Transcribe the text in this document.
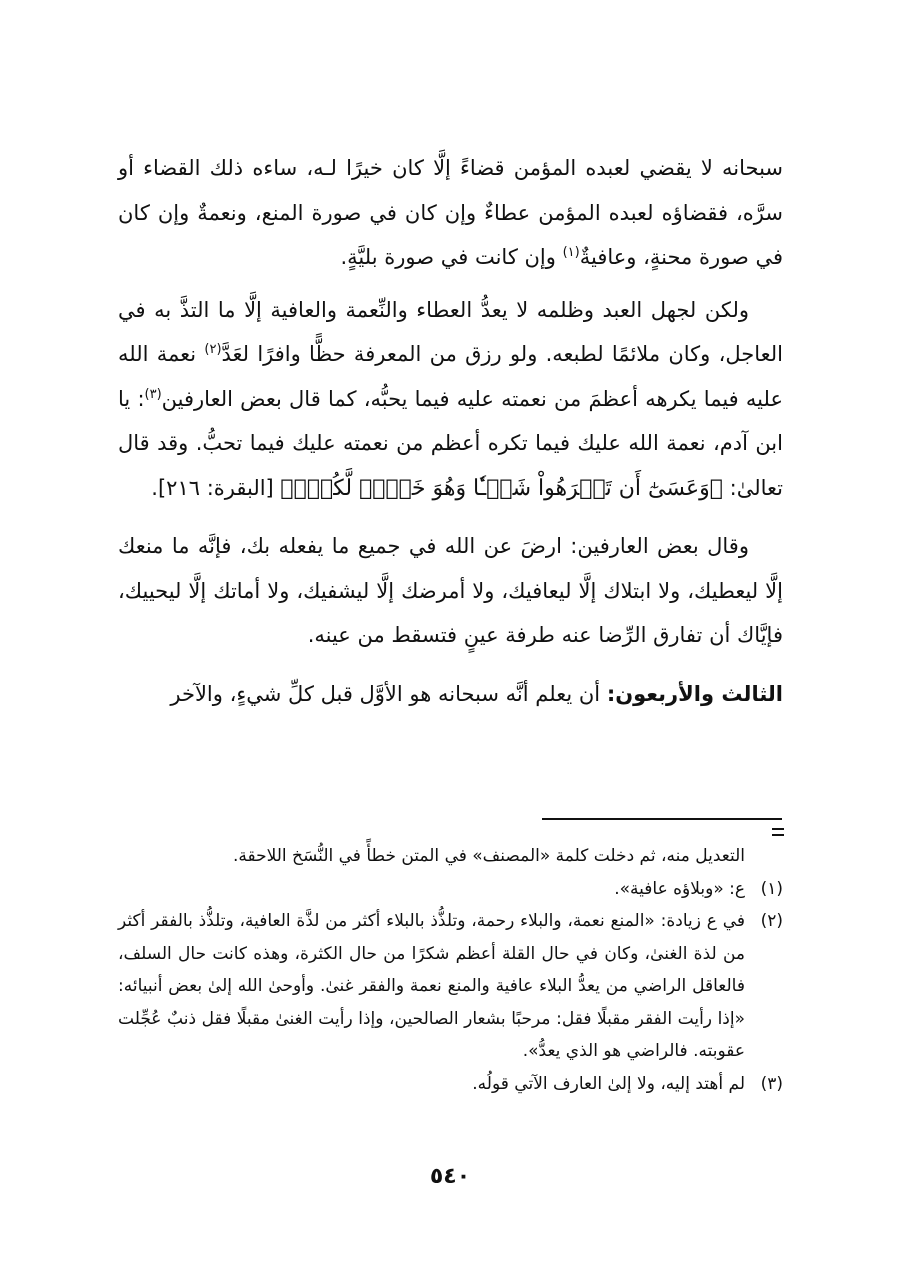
سبحانه لا يقضي لعبده المؤمن قضاءً إلَّا كان خيرًا لـه، ساءه ذلك القضاء أو سرَّه، فقضاؤه لعبده المؤمن عطاءٌ وإن كان في صورة المنع، ونعمةٌ وإن كان في صورة محنةٍ، وعافيةٌ$^{(١)}$ وإن كانت في صورة بليَّةٍ.

ولكن لجهل العبد وظلمه لا يعدُّ العطاء والنِّعمة والعافية إلَّا ما التذَّ به في العاجل، وكان ملائمًا لطبعه. ولو رزق من المعرفة حظًّا وافرًا لعَدَّ$^{(٢)}$ نعمة الله عليه فيما يكرهه أعظمَ من نعمته عليه فيما يحبُّه، كما قال بعض العارفين$^{(٣)}$: يا ابن آدم، نعمة الله عليك فيما تكره أعظم من نعمته عليك فيما تحبُّ. وقد قال تعالىٰ: ﴿وَعَسَىٰٓ أَن تَكۡرَهُواْ شَيۡـٔٗا وَهُوَ خَيۡرٞ لَّكُمۡۖ﴾ [البقرة: ٢١٦].

وقال بعض العارفين: ارضَ عن الله في جميع ما يفعله بك، فإنَّه ما منعك إلَّا ليعطيك، ولا ابتلاك إلَّا ليعافيك، ولا أمرضك إلَّا ليشفيك، ولا أماتك إلَّا ليحييك، فإيَّاك أن تفارق الرِّضا عنه طرفة عينٍ فتسقط من عينه.

الثالث والأربعون: أن يعلم أنَّه سبحانه هو الأوَّل قبل كلِّ شيءٍ، والآخر

التعديل منه، ثم دخلت كلمة «المصنف» في المتن خطأً في النُّسَخ اللاحقة.
(١)
ع: «وبلاؤه عافية».
(٢)
في ع زيادة: «المنع نعمة، والبلاء رحمة، وتلذُّذ بالبلاء أكثر من لذَّة العافية، وتلذُّذ بالفقر أكثر من لذة الغنىٰ، وكان في حال القلة أعظم شكرًا من حال الكثرة، وهذه كانت حال السلف، فالعاقل الراضي من يعدُّ البلاء عافية والمنع نعمة والفقر غنىٰ. وأوحىٰ الله إلىٰ بعض أنبيائه: «إذا رأيت الفقر مقبلًا فقل: مرحبًا بشعار الصالحين، وإذا رأيت الغنىٰ مقبلًا فقل ذنبٌ عُجِّلت عقوبته. فالراضي هو الذي يعدُّ».
(٣)
لم أهتد إليه، ولا إلىٰ العارف الآتي قولُه.
٥٤٠
